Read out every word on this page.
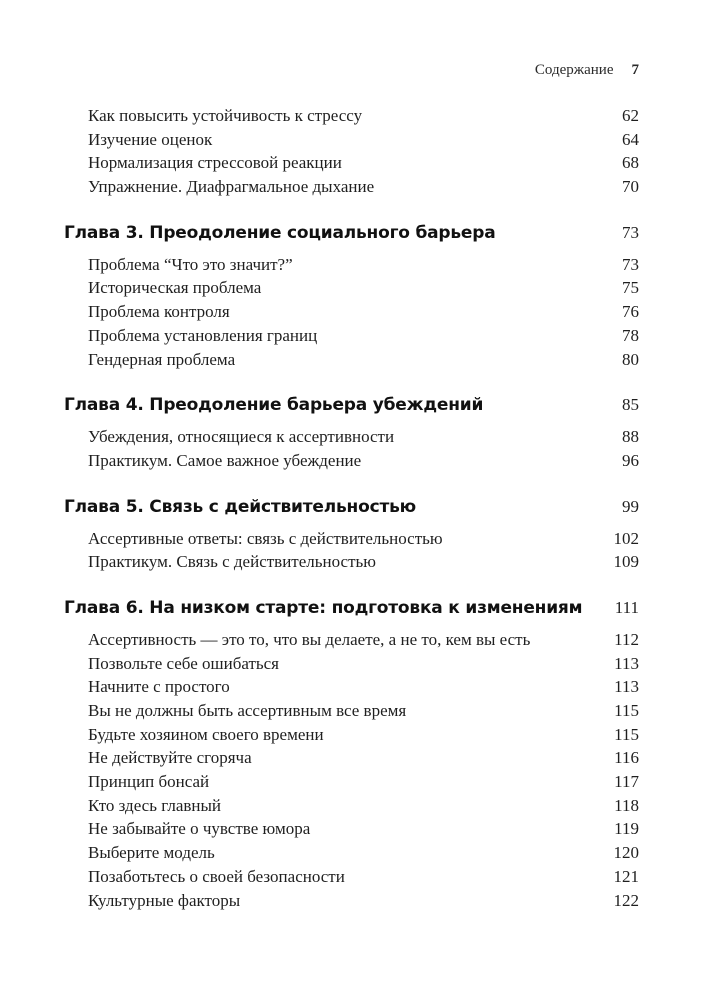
Содержание 7
Как повысить устойчивость к стрессу	62
Изучение оценок	64
Нормализация стрессовой реакции	68
Упражнение. Диафрагмальное дыхание	70
Глава 3. Преодоление социального барьера	73
Проблема “Что это значит?”	73
Историческая проблема	75
Проблема контроля	76
Проблема установления границ	78
Гендерная проблема	80
Глава 4. Преодоление барьера убеждений	85
Убеждения, относящиеся к ассертивности	88
Практикум. Самое важное убеждение	96
Глава 5. Связь с действительностью	99
Ассертивные ответы: связь с действительностью	102
Практикум. Связь с действительностью	109
Глава 6. На низком старте: подготовка к изменениям 111
Ассертивность — это то, что вы делаете, а не то, кем вы есть	112
Позвольте себе ошибаться	113
Начните с простого	113
Вы не должны быть ассертивным все время	115
Будьте хозяином своего времени	115
Не действуйте сгоряча	116
Принцип бонсай	117
Кто здесь главный	118
Не забывайте о чувстве юмора	119
Выберите модель	120
Позаботьтесь о своей безопасности	121
Культурные факторы	122
